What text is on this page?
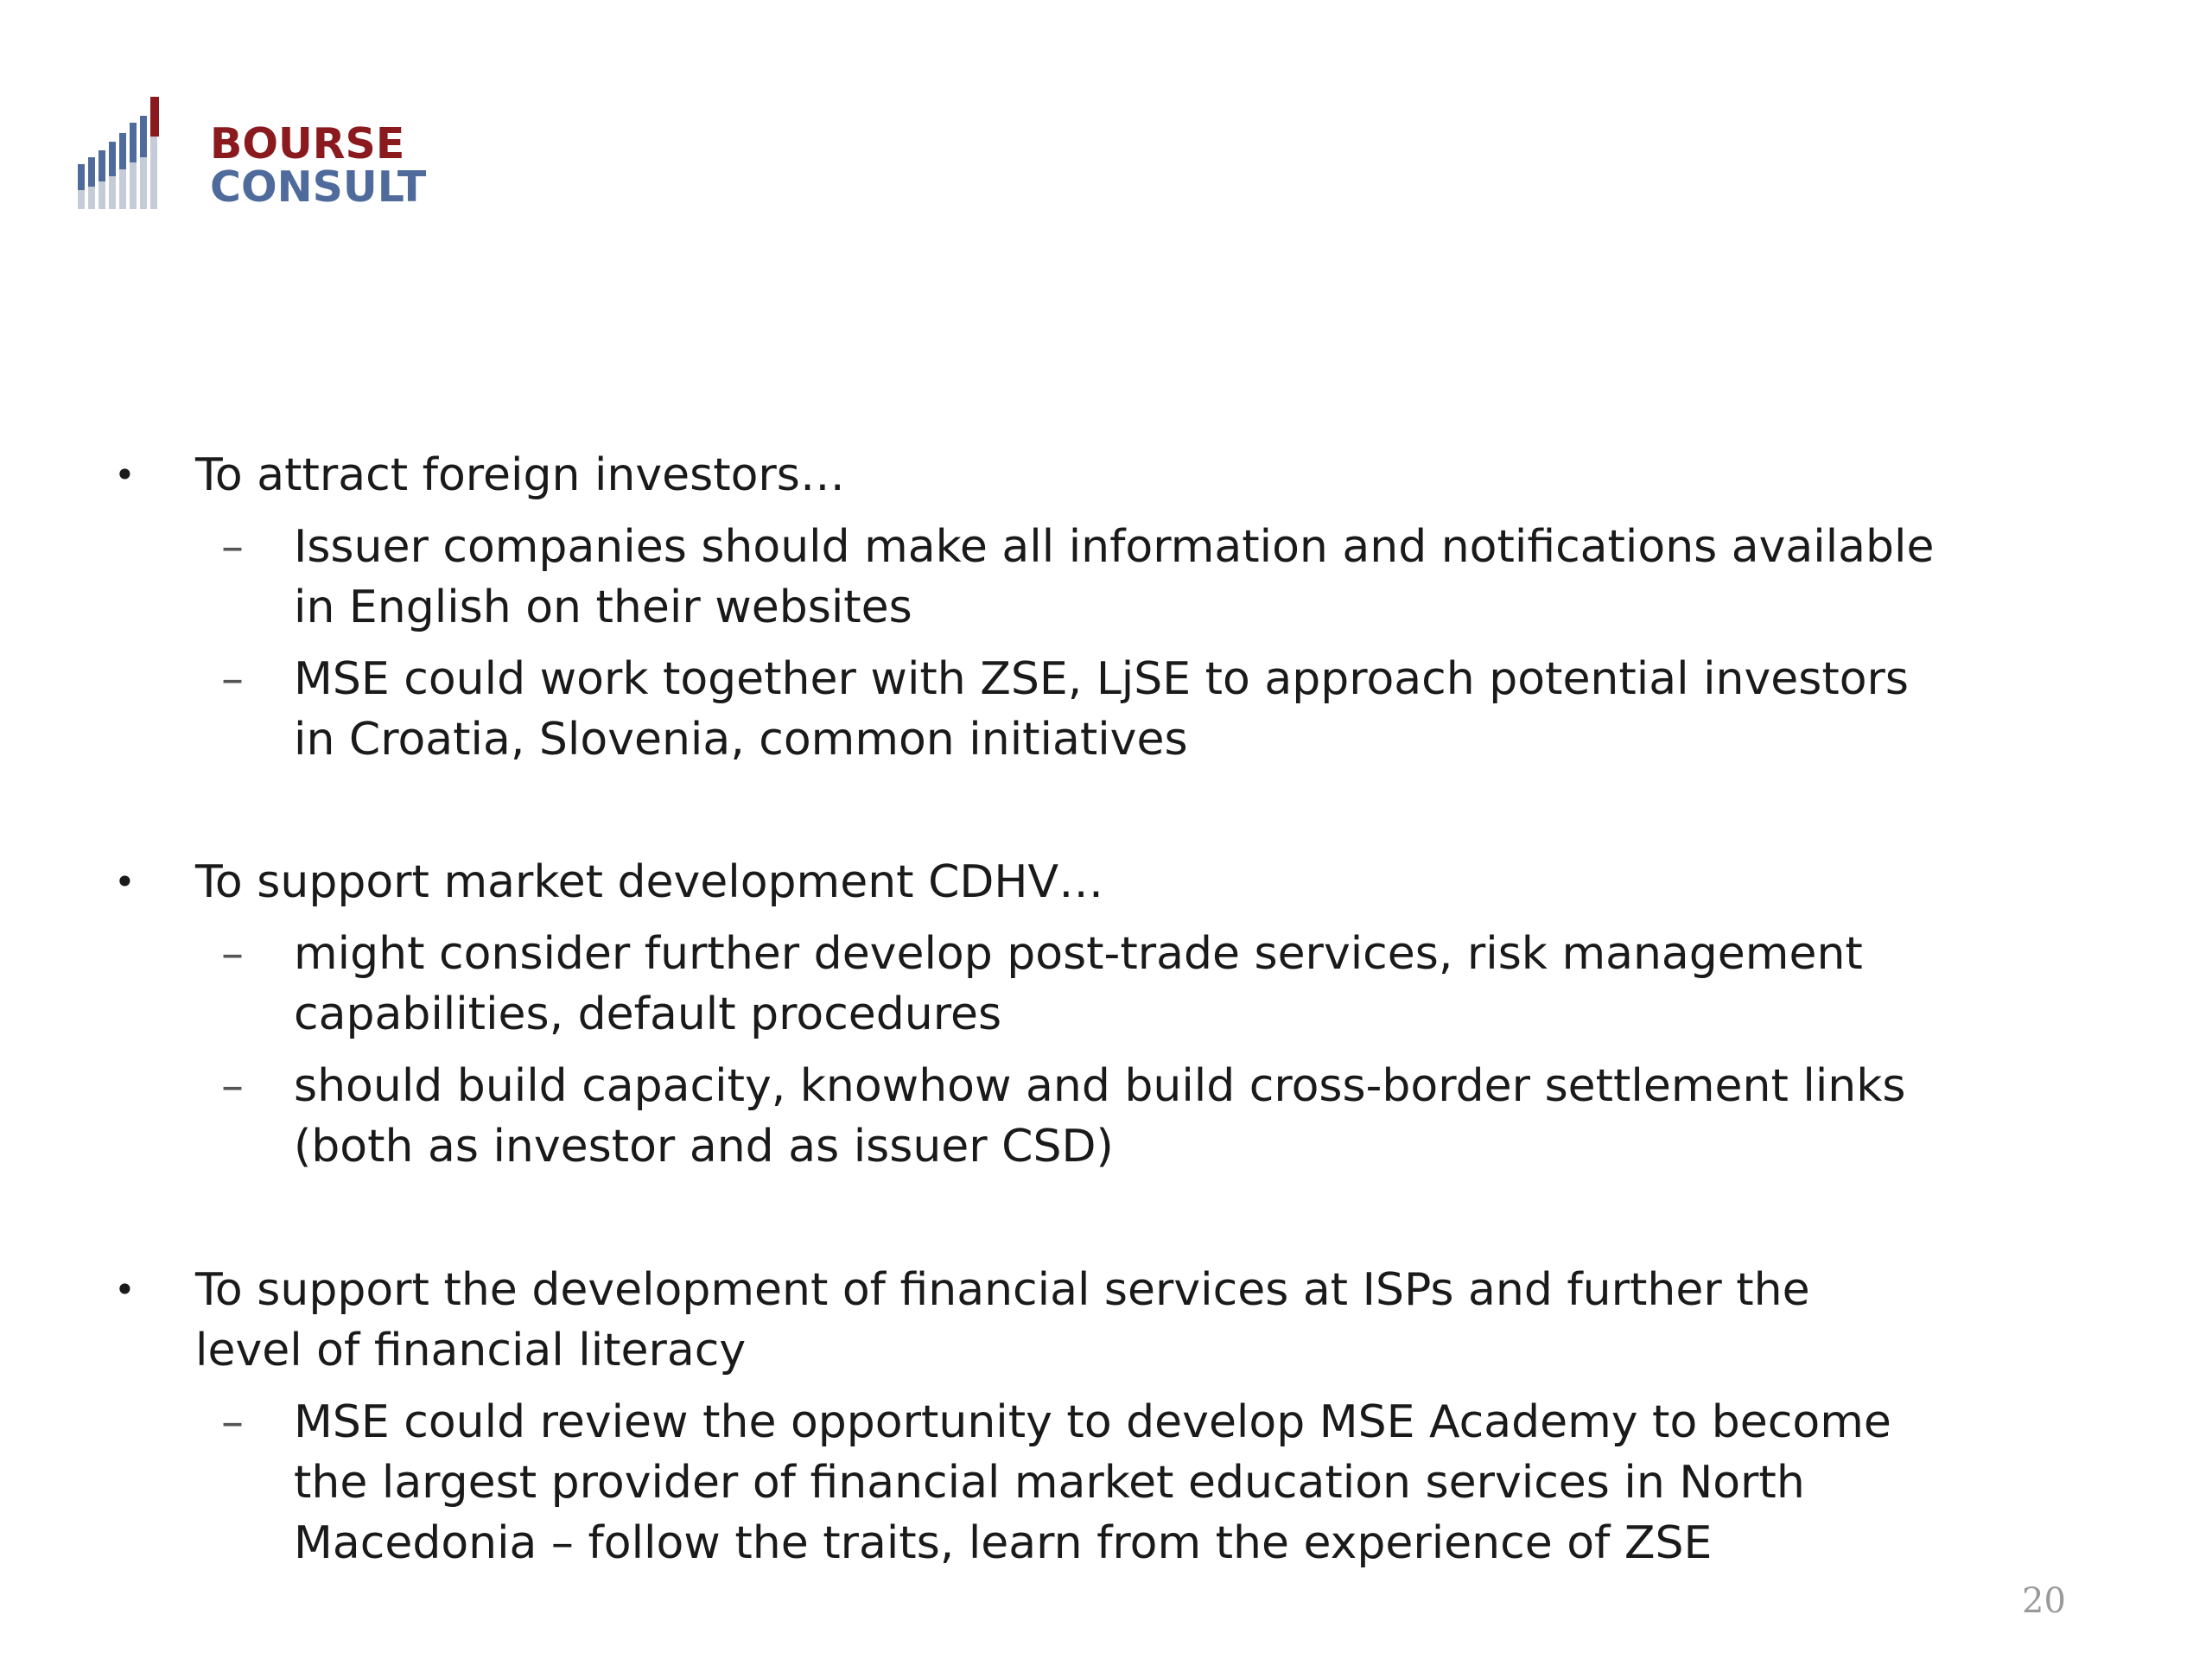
BOURSE
CONSULT
• To attract foreign investors…
– Issuer companies should make all information and notifications available in English on their websites
– MSE could work together with ZSE, LjSE to approach potential investors in Croatia, Slovenia, common initiatives
• To support market development CDHV…
– might consider further develop post-trade services, risk management capabilities, default procedures
– should build capacity, knowhow and build cross-border settlement links (both as investor and as issuer CSD)
• To support the development of financial services at ISPs and further the level of financial literacy
– MSE could review the opportunity to develop MSE Academy to become the largest provider of financial market education services in North Macedonia – follow the traits, learn from the experience of ZSE
20
